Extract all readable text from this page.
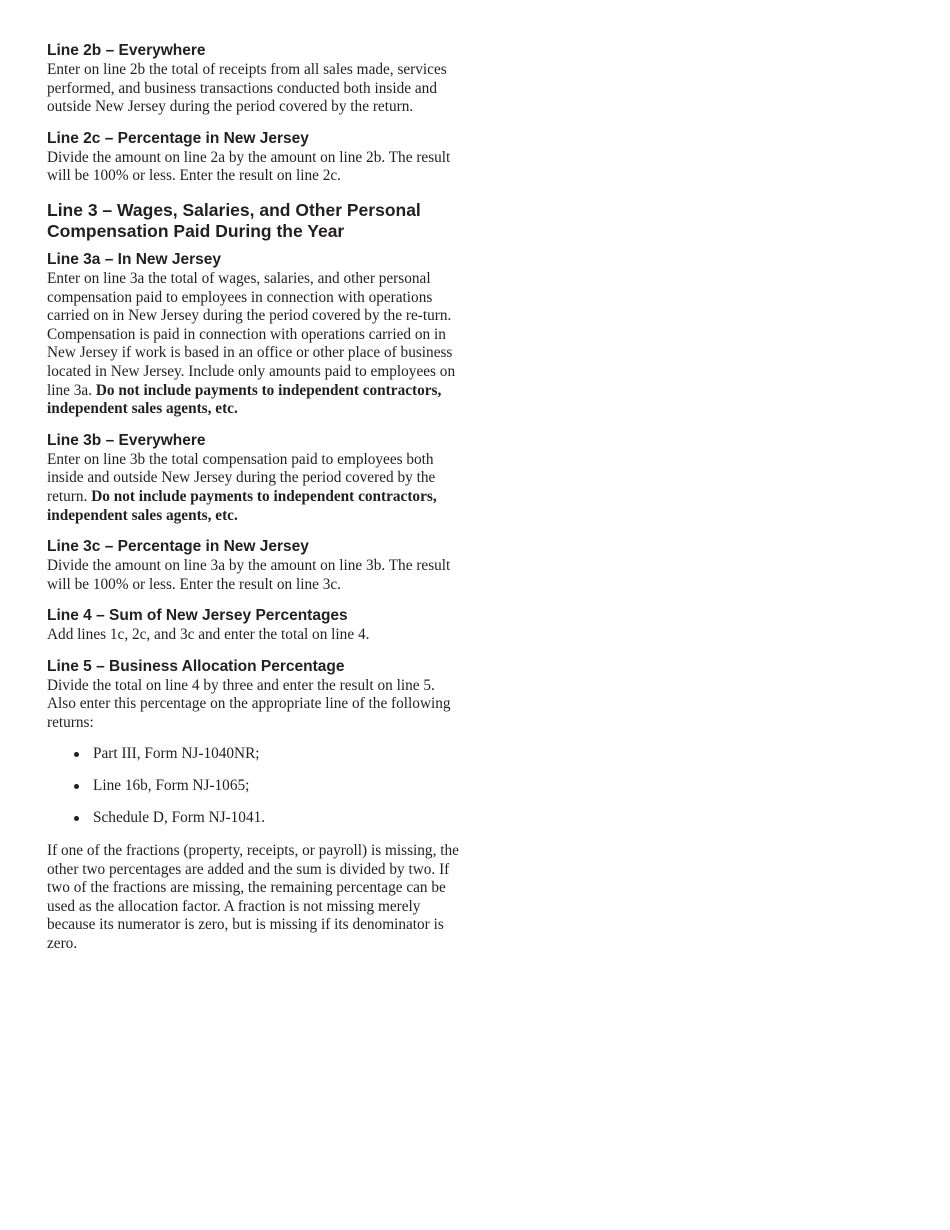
Line 2b – Everywhere

Enter on line 2b the total of receipts from all sales made, services performed, and business transactions conducted both inside and outside New Jersey during the period covered by the return.

Line 2c – Percentage in New Jersey

Divide the amount on line 2a by the amount on line 2b. The result will be 100% or less. Enter the result on line 2c.

Line 3 – Wages, Salaries, and Other Personal Compensation Paid During the Year
Line 3a – In New Jersey

Enter on line 3a the total of wages, salaries, and other personal compensation paid to employees in connection with operations carried on in New Jersey during the period covered by the re-turn. Compensation is paid in connection with operations carried on in New Jersey if work is based in an office or other place of business located in New Jersey. Include only amounts paid to employees on line 3a. Do not include payments to independent contractors, independent sales agents, etc.

Line 3b – Everywhere

Enter on line 3b the total compensation paid to employees both inside and outside New Jersey during the period covered by the return. Do not include payments to independent contractors, independent sales agents, etc.

Line 3c – Percentage in New Jersey

Divide the amount on line 3a by the amount on line 3b. The result will be 100% or less. Enter the result on line 3c.

Line 4 – Sum of New Jersey Percentages

Add lines 1c, 2c, and 3c and enter the total on line 4.

Line 5 – Business Allocation Percentage

Divide the total on line 4 by three and enter the result on line 5. Also enter this percentage on the appropriate line of the following returns:

Part III, Form NJ-1040NR;
Line 16b, Form NJ-1065;
Schedule D, Form NJ-1041.

If one of the fractions (property, receipts, or payroll) is missing, the other two percentages are added and the sum is divided by two. If two of the fractions are missing, the remaining percentage can be used as the allocation factor. A fraction is not missing merely because its numerator is zero, but is missing if its denominator is zero.
